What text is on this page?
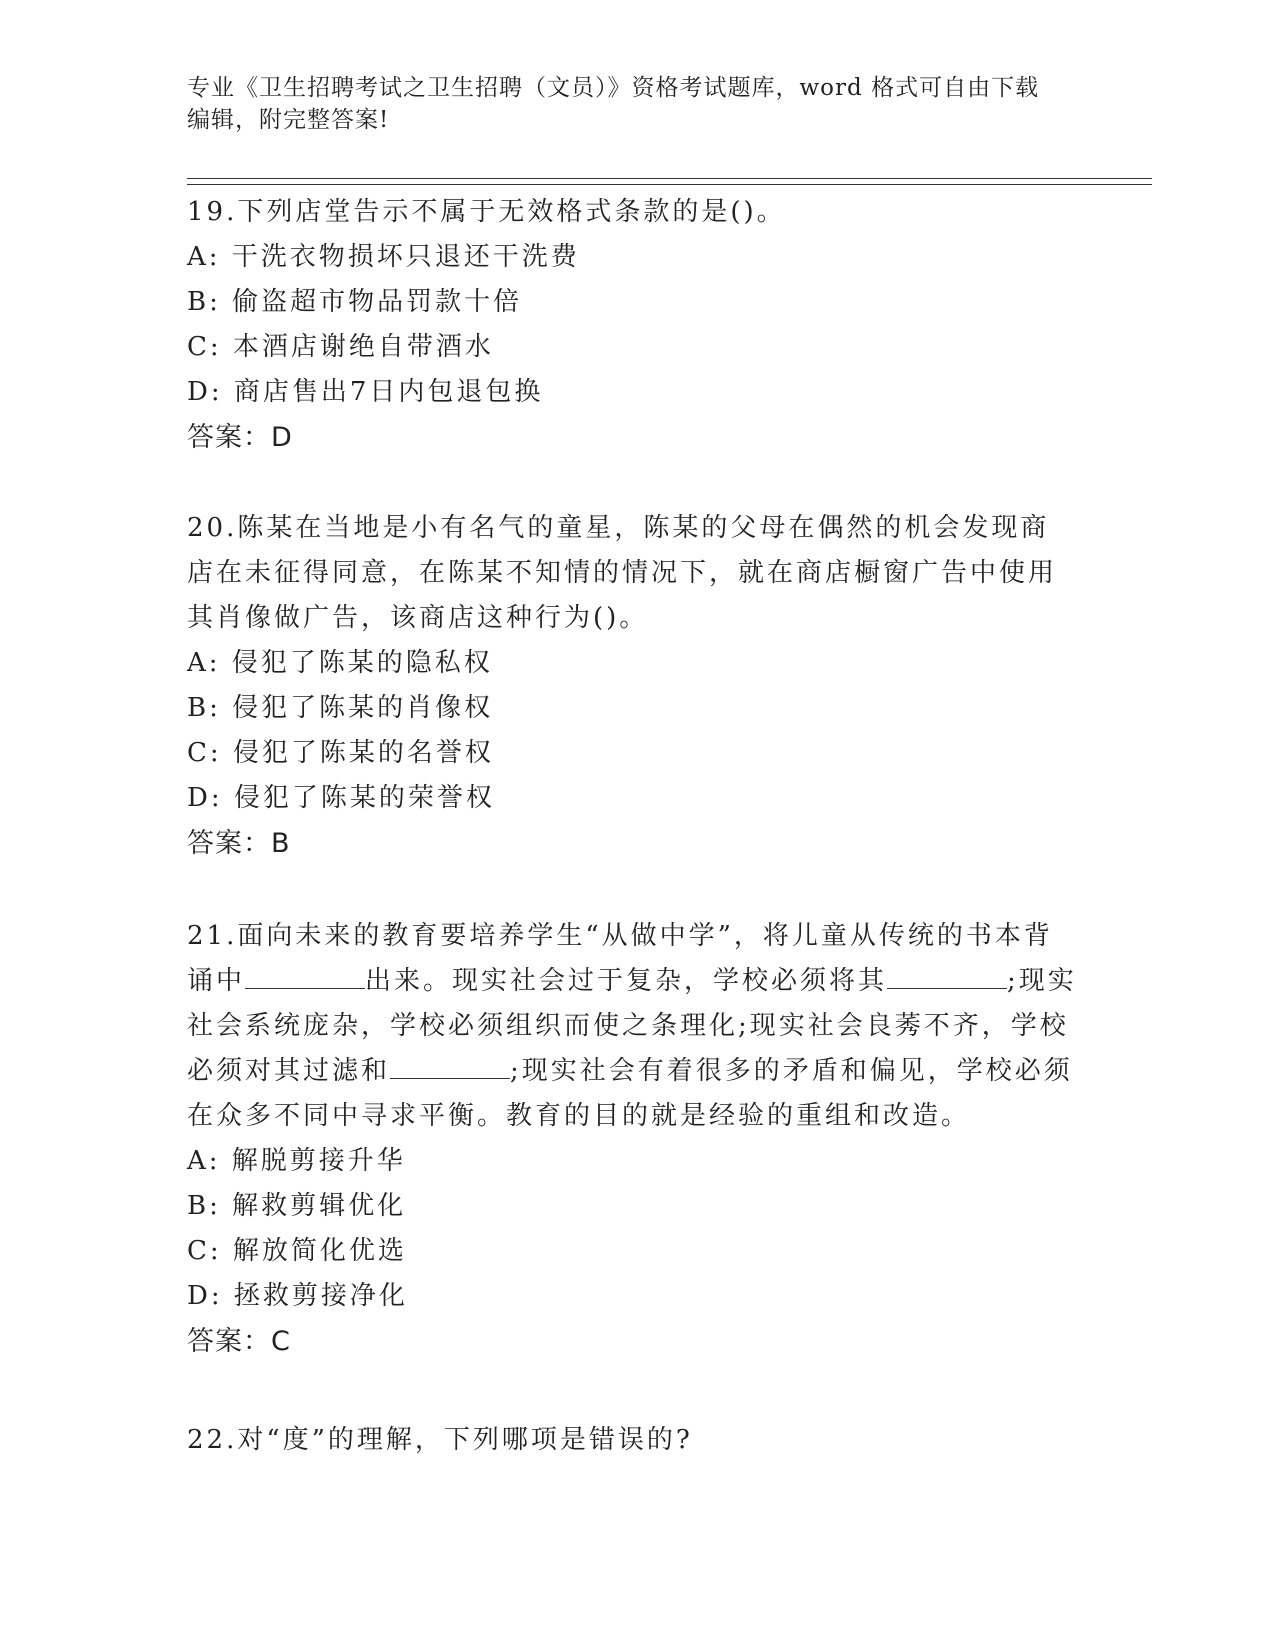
专业《卫生招聘考试之卫生招聘（文员）》资格考试题库，word 格式可自由下载
编辑，附完整答案!

19.下列店堂告示不属于无效格式条款的是()。

A: 干洗衣物损坏只退还干洗费

B: 偷盗超市物品罚款十倍

C: 本酒店谢绝自带酒水

D: 商店售出7日内包退包换

答案：D

20.陈某在当地是小有名气的童星，陈某的父母在偶然的机会发现商店在未征得同意，在陈某不知情的情况下，就在商店橱窗广告中使用其肖像做广告，该商店这种行为()。

A: 侵犯了陈某的隐私权

B: 侵犯了陈某的肖像权

C: 侵犯了陈某的名誉权

D: 侵犯了陈某的荣誉权

答案：B

21.面向未来的教育要培养学生“从做中学”，将儿童从传统的书本背诵中	出来。现实社会过于复杂，学校必须将其	;现实社会系统庞杂，学校必须组织而使之条理化;现实社会良莠不齐，学校必须对其过滤和	;现实社会有着很多的矛盾和偏见，学校必须在众多不同中寻求平衡。教育的目的就是经验的重组和改造。

A: 解脱剪接升华

B: 解救剪辑优化

C: 解放简化优选

D: 拯救剪接净化

答案：C

22.对“度”的理解，下列哪项是错误的?
